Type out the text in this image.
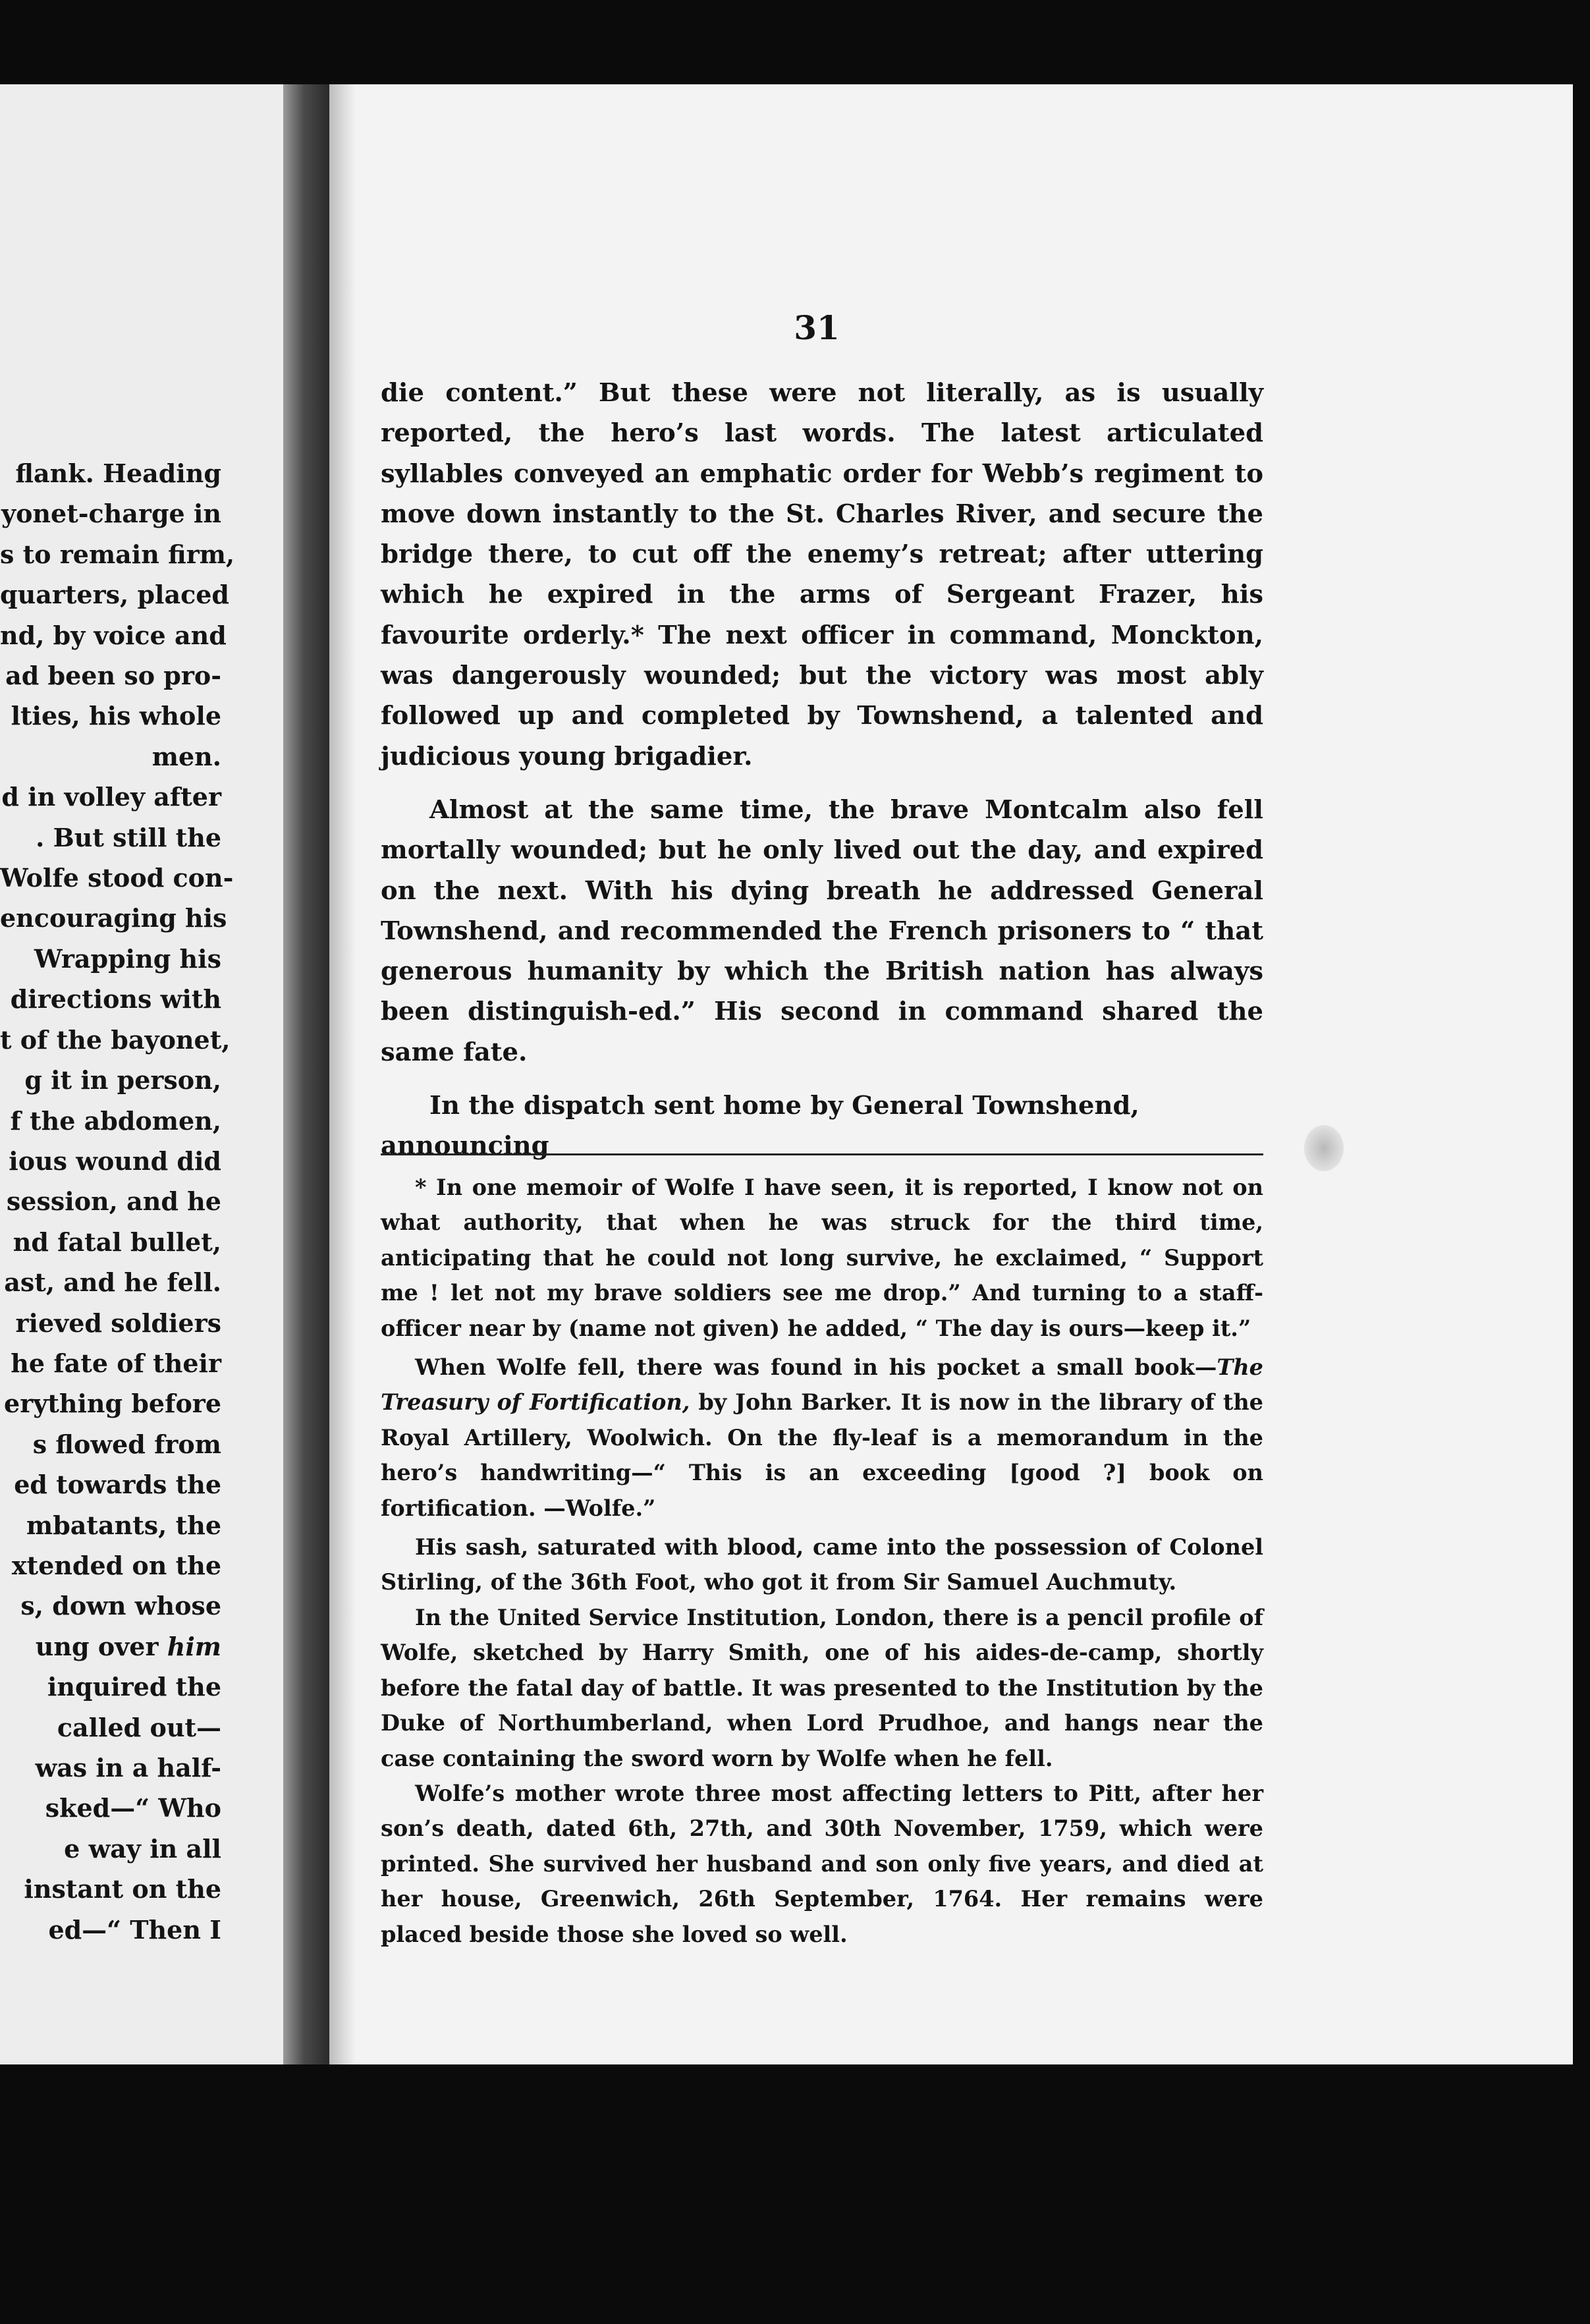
flank. Heading
yonet-charge in
s to remain firm,
quarters, placed
nd, by voice and
ad been so pro-
lties, his whole
men.
d in volley after
. But still the
Wolfe stood con-
encouraging his
Wrapping his
directions with
t of the bayonet,
g it in person,
f the abdomen,
ious wound did
session, and he
nd fatal bullet,
ast, and he fell.
rieved soldiers
he fate of their
erything before
s flowed from
ed towards the
mbatants, the
xtended on the
s, down whose
ung over him
inquired the
called out—
was in a half-
sked—“ Who
e way in all
instant on the
ed—“ Then I
31

die content.” But these were not literally, as is usually reported, the hero’s last words. The latest articulated syllables conveyed an emphatic order for Webb’s regiment to move down instantly to the St. Charles River, and secure the bridge there, to cut off the enemy’s retreat; after uttering which he expired in the arms of Sergeant Frazer, his favourite orderly.* The next officer in command, Monckton, was dangerously wounded; but the victory was most ably followed up and completed by Townshend, a talented and judicious young brigadier.

Almost at the same time, the brave Montcalm also fell mortally wounded; but he only lived out the day, and expired on the next. With his dying breath he addressed General Townshend, and recommended the French prisoners to “ that generous humanity by which the British nation has always been distinguish-ed.” His second in command shared the same fate.

In the dispatch sent home by General Townshend, announcing

* In one memoir of Wolfe I have seen, it is reported, I know not on what authority, that when he was struck for the third time, anticipating that he could not long survive, he exclaimed, “ Support me ! let not my brave soldiers see me drop.” And turning to a staff-officer near by (name not given) he added, “ The day is ours—keep it.”

When Wolfe fell, there was found in his pocket a small book—The Treasury of Fortification, by John Barker. It is now in the library of the Royal Artillery, Woolwich. On the fly-leaf is a memorandum in the hero’s handwriting—“ This is an exceeding [good ?] book on fortification. —Wolfe.”

His sash, saturated with blood, came into the possession of Colonel Stirling, of the 36th Foot, who got it from Sir Samuel Auchmuty.

In the United Service Institution, London, there is a pencil profile of Wolfe, sketched by Harry Smith, one of his aides-de-camp, shortly before the fatal day of battle. It was presented to the Institution by the Duke of Northumberland, when Lord Prudhoe, and hangs near the case containing the sword worn by Wolfe when he fell.

Wolfe’s mother wrote three most affecting letters to Pitt, after her son’s death, dated 6th, 27th, and 30th November, 1759, which were printed. She survived her husband and son only five years, and died at her house, Greenwich, 26th September, 1764. Her remains were placed beside those she loved so well.
